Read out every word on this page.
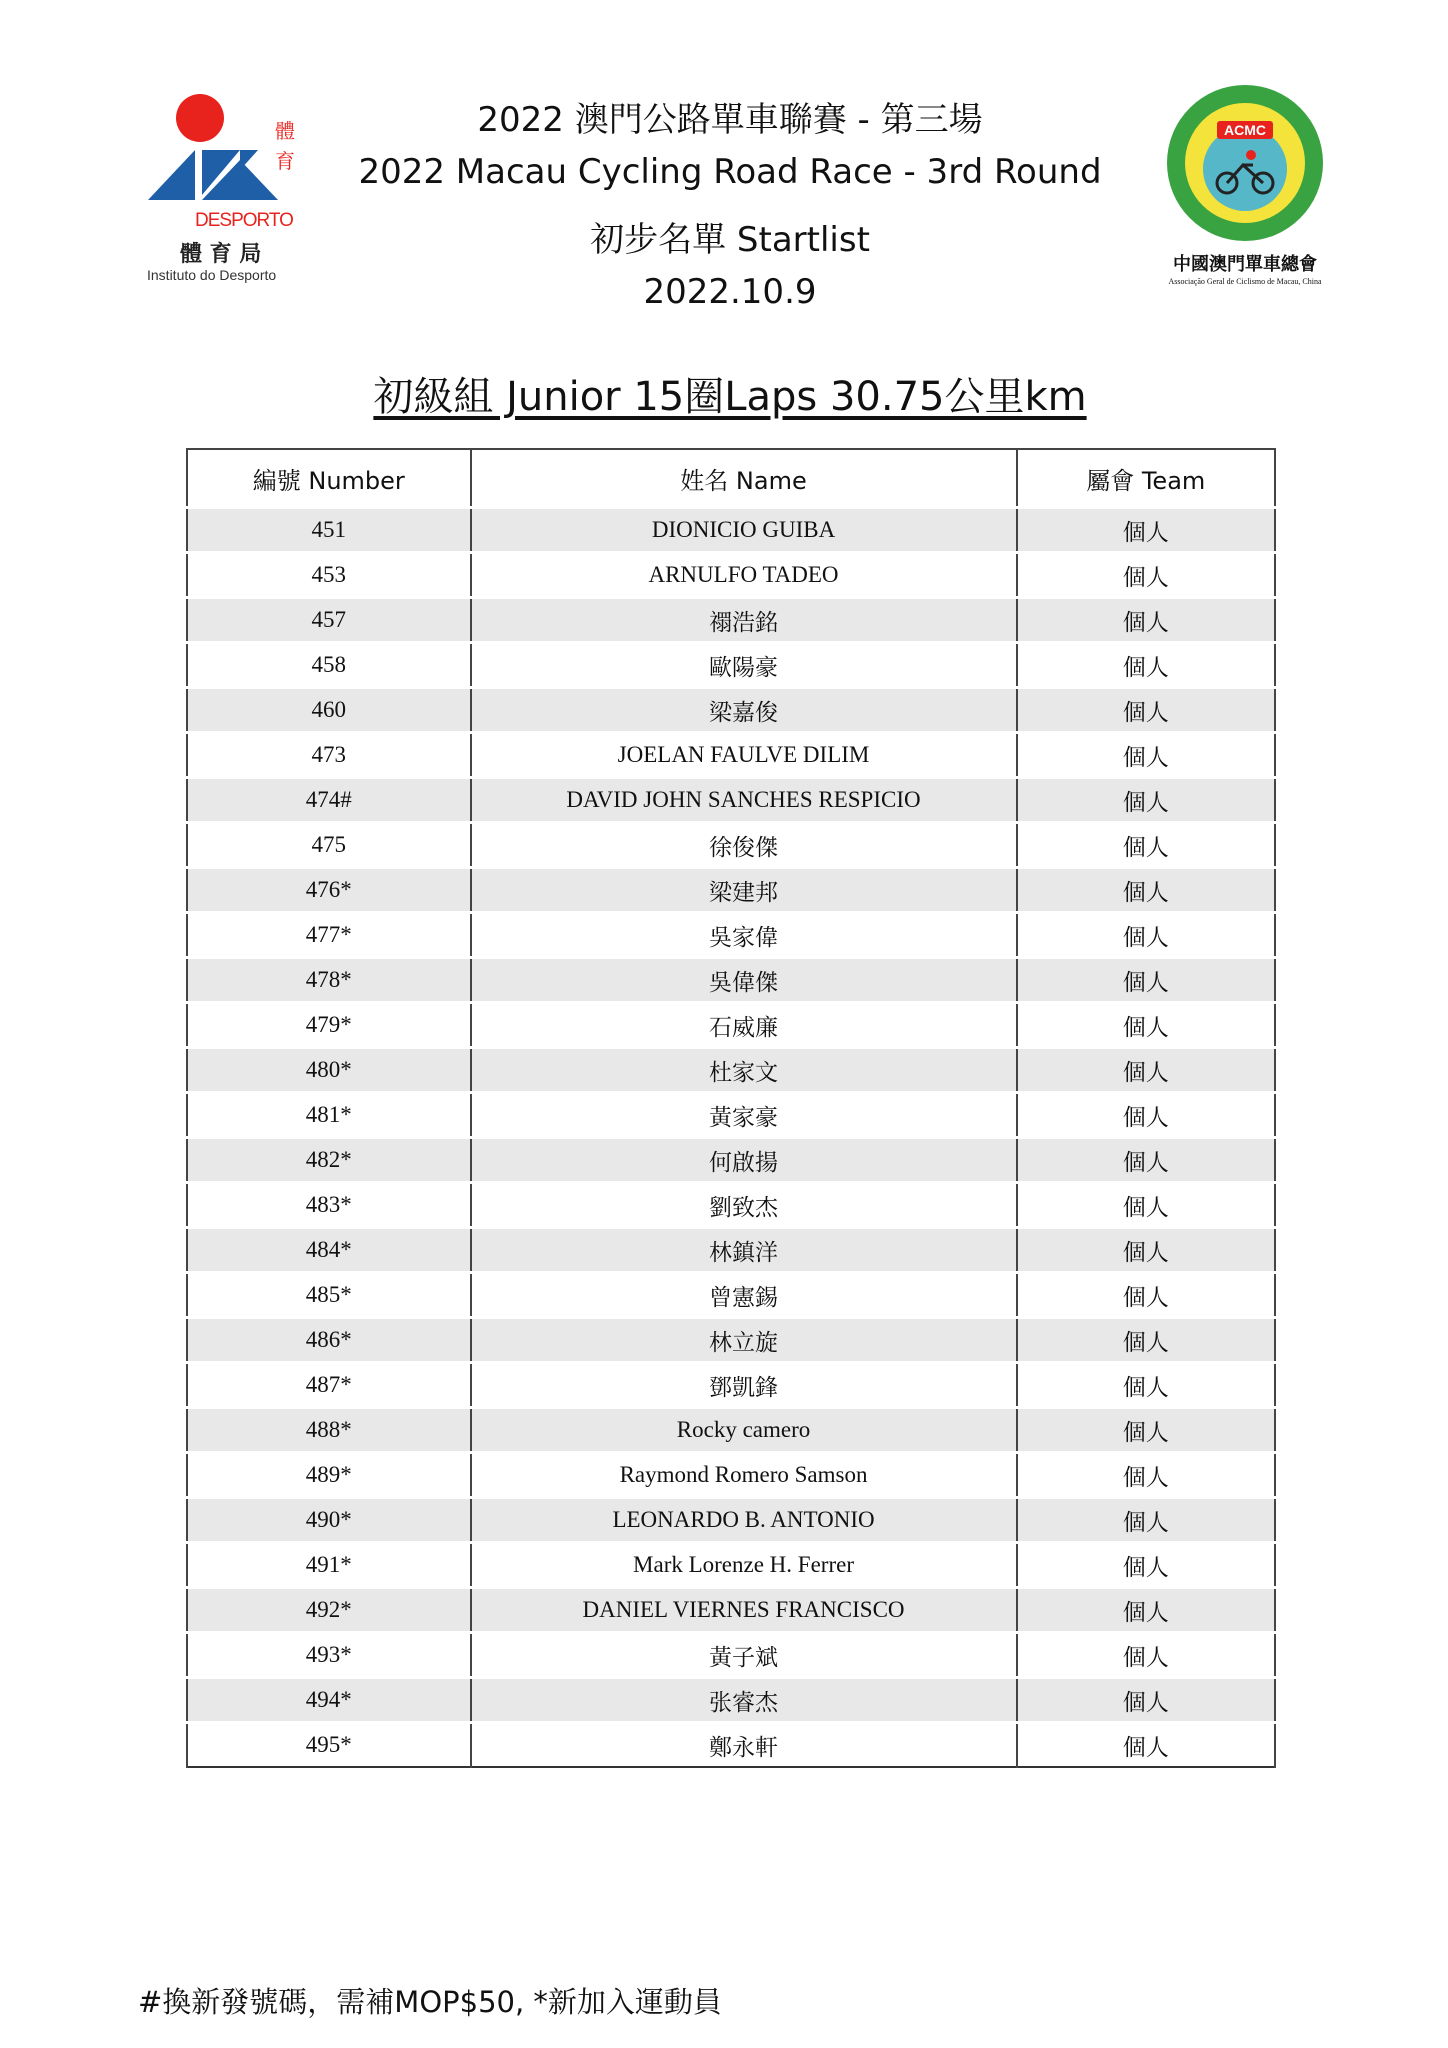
體
育
DESPORTO
體 育 局
Instituto do Desporto
2022 澳門公路單車聯賽 - 第三場
2022 Macau Cycling Road Race - 3rd Round
初步名單 Startlist
2022.10.9
ACMC
中國澳門單車總會
Associação Geral de Ciclismo de Macau, China
初級組 Junior 15圈Laps 30.75公里km
編號 Number	姓名 Name	屬會 Team
451	DIONICIO GUIBA	個人
453	ARNULFO TADEO	個人
457	禤浩銘	個人
458	歐陽豪	個人
460	梁嘉俊	個人
473	JOELAN FAULVE DILIM	個人
474#	DAVID JOHN SANCHES RESPICIO	個人
475	徐俊傑	個人
476*	梁建邦	個人
477*	吳家偉	個人
478*	吳偉傑	個人
479*	石威廉	個人
480*	杜家文	個人
481*	黃家豪	個人
482*	何啟揚	個人
483*	劉致杰	個人
484*	林鎮洋	個人
485*	曾憲錫	個人
486*	林立旋	個人
487*	鄧凱鋒	個人
488*	Rocky camero	個人
489*	Raymond Romero Samson	個人
490*	LEONARDO B. ANTONIO	個人
491*	Mark Lorenze H. Ferrer	個人
492*	DANIEL VIERNES FRANCISCO	個人
493*	黃子斌	個人
494*	张睿杰	個人
495*	鄭永軒	個人
#換新發號碼，需補MOP$50, *新加入運動員
